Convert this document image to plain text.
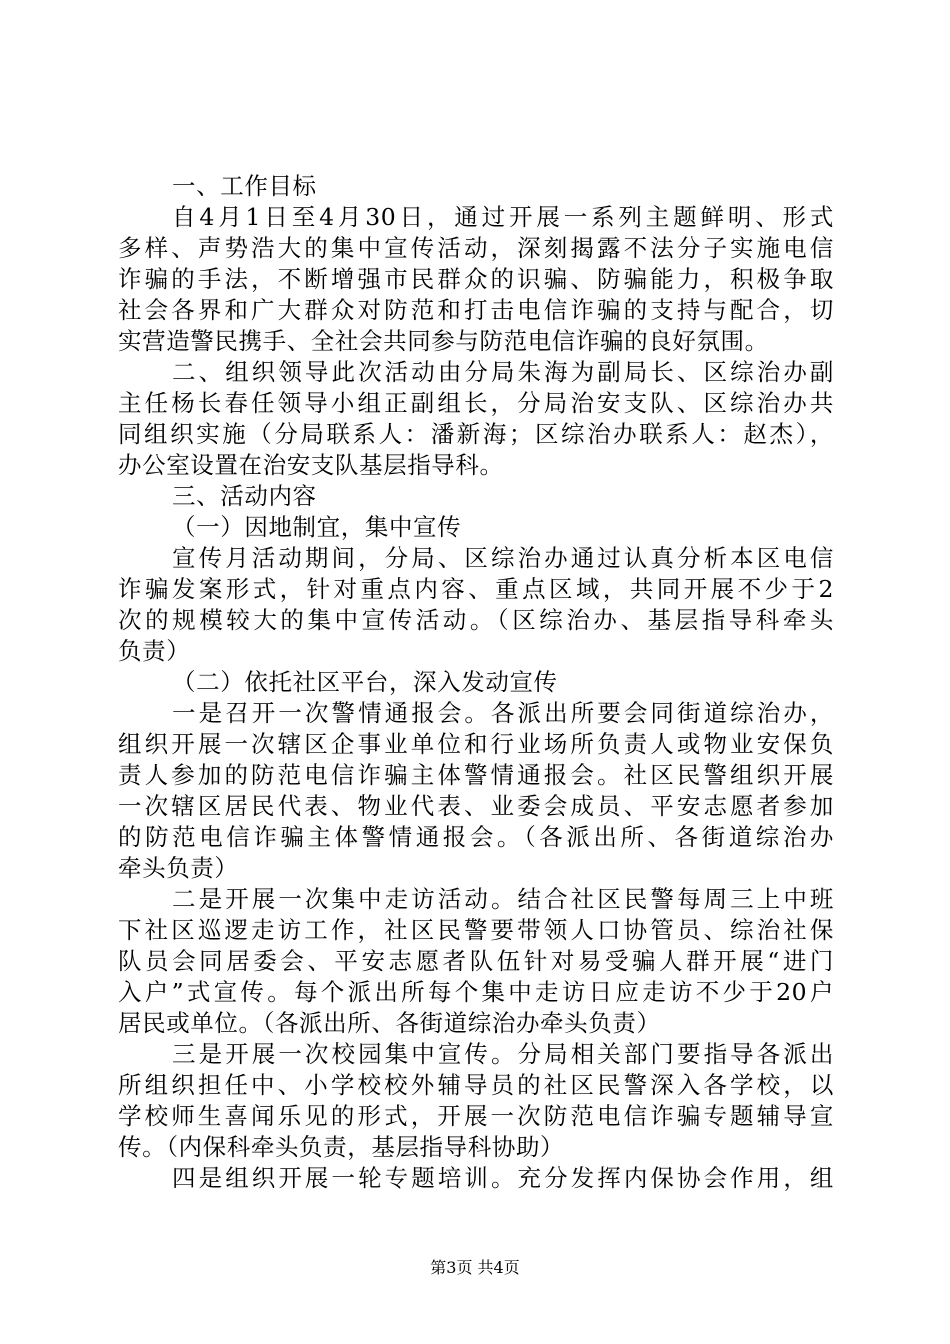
一、工作目标
自4月1日至4月30日，通过开展一系列主题鲜明、形式
多样、声势浩大的集中宣传活动，深刻揭露不法分子实施电信
诈骗的手法，不断增强市民群众的识骗、防骗能力，积极争取
社会各界和广大群众对防范和打击电信诈骗的支持与配合，切
实营造警民携手、全社会共同参与防范电信诈骗的良好氛围。
二、组织领导此次活动由分局朱海为副局长、区综治办副
主任杨长春任领导小组正副组长，分局治安支队、区综治办共
同组织实施（分局联系人：潘新海；区综治办联系人：赵杰），
办公室设置在治安支队基层指导科。
三、活动内容
（一）因地制宜，集中宣传
宣传月活动期间，分局、区综治办通过认真分析本区电信
诈骗发案形式，针对重点内容、重点区域，共同开展不少于2
次的规模较大的集中宣传活动。（区综治办、基层指导科牵头
负责）
（二）依托社区平台，深入发动宣传
一是召开一次警情通报会。各派出所要会同街道综治办，
组织开展一次辖区企事业单位和行业场所负责人或物业安保负
责人参加的防范电信诈骗主体警情通报会。社区民警组织开展
一次辖区居民代表、物业代表、业委会成员、平安志愿者参加
的防范电信诈骗主体警情通报会。（各派出所、各街道综治办
牵头负责）
二是开展一次集中走访活动。结合社区民警每周三上中班
下社区巡逻走访工作，社区民警要带领人口协管员、综治社保
队员会同居委会、平安志愿者队伍针对易受骗人群开展“进门
入户”式宣传。每个派出所每个集中走访日应走访不少于20户
居民或单位。（各派出所、各街道综治办牵头负责）
三是开展一次校园集中宣传。分局相关部门要指导各派出
所组织担任中、小学校校外辅导员的社区民警深入各学校，以
学校师生喜闻乐见的形式，开展一次防范电信诈骗专题辅导宣
传。（内保科牵头负责，基层指导科协助）
四是组织开展一轮专题培训。充分发挥内保协会作用，组
第3页 共4页
